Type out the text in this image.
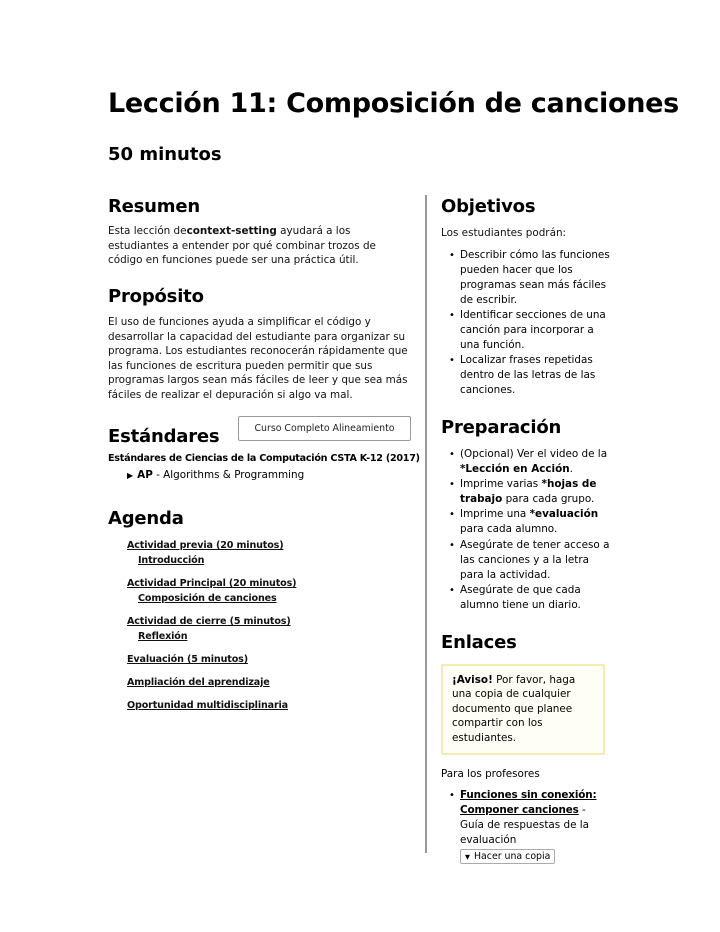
Lección 11: Composición de canciones
50 minutos
Resumen

Esta lección decontext-setting ayudará a los estudiantes a entender por qué combinar trozos de código en funciones puede ser una práctica útil.

Propósito

El uso de funciones ayuda a simplificar el código y desarrollar la capacidad del estudiante para organizar su programa. Los estudiantes reconocerán rápidamente que las funciones de escritura pueden permitir que sus programas largos sean más fáciles de leer y que sea más fáciles de realizar el depuración si algo va mal.

Estándares	Curso Completo Alineamiento
Estándares de Ciencias de la Computación CSTA K-12 (2017)
▶ AP - Algorithms & Programming
Agenda
Actividad previa (20 minutos)
Introducción
Actividad Principal (20 minutos)
Composición de canciones
Actividad de cierre (5 minutos)
Reflexión
Evaluación (5 minutos)
Ampliación del aprendizaje
Oportunidad multidisciplinaria
Objetivos

Los estudiantes podrán:

• Describir cómo las funciones pueden hacer que los programas sean más fáciles de escribir.
• Identificar secciones de una canción para incorporar a una función.
• Localizar frases repetidas dentro de las letras de las canciones.
Preparación
• (Opcional) Ver el video de la *Lección en Acción.
• Imprime varias *hojas de trabajo para cada grupo.
• Imprime una *evaluación para cada alumno.
• Asegúrate de tener acceso a las canciones y a la letra para la actividad.
• Asegúrate de que cada alumno tiene un diario.
Enlaces
¡Aviso! Por favor, haga una copia de cualquier documento que planee compartir con los estudiantes.

Para los profesores

• Funciones sin conexión: Componer canciones - Guía de respuestas de la evaluación

▼ Hacer una copia
